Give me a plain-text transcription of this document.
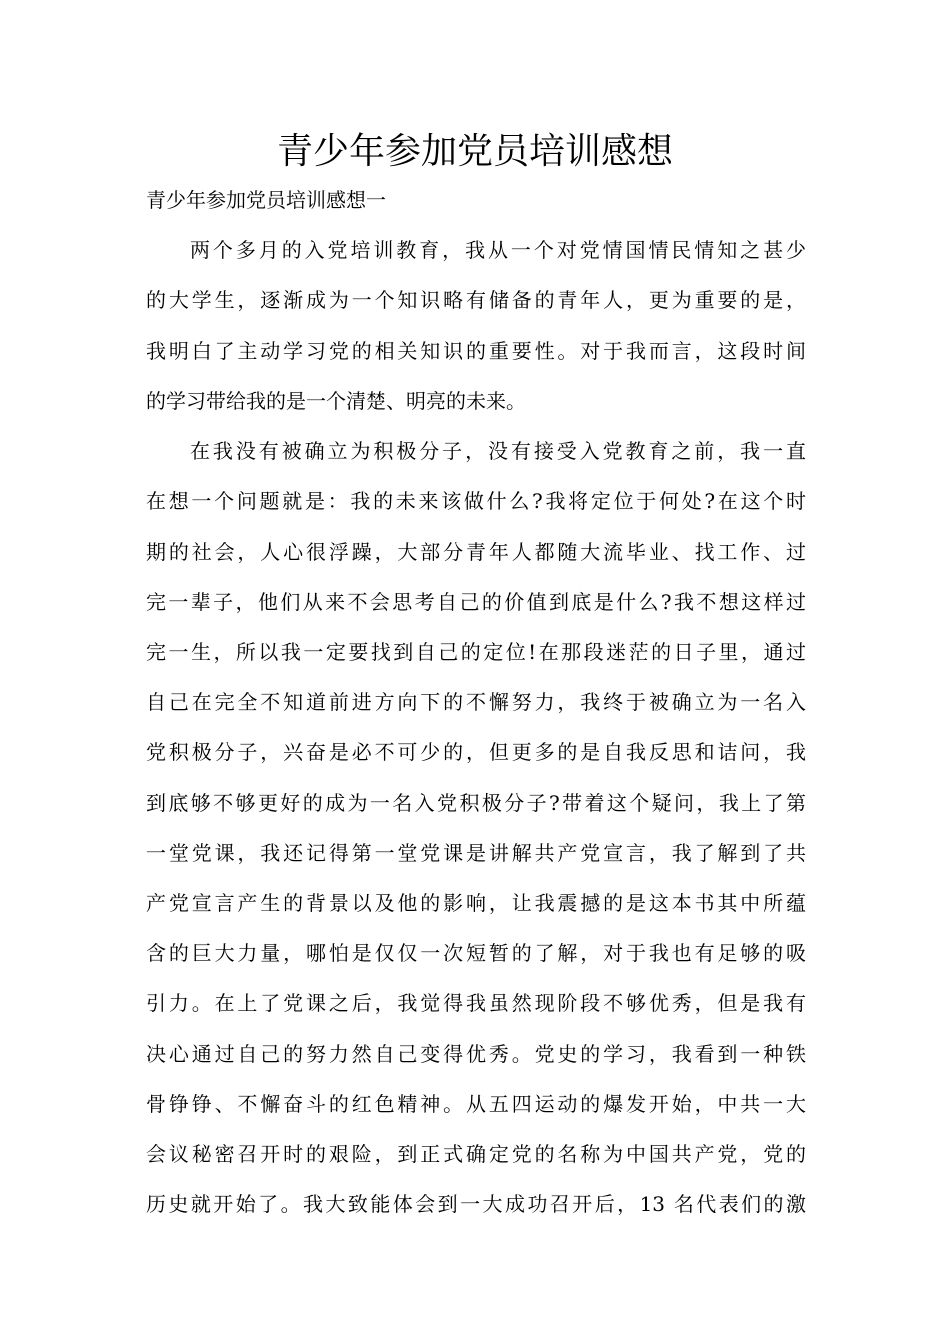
青少年参加党员培训感想

青少年参加党员培训感想一

两个多月的入党培训教育，我从一个对党情国情民情知之甚少

的大学生，逐渐成为一个知识略有储备的青年人，更为重要的是，

我明白了主动学习党的相关知识的重要性。对于我而言，这段时间

的学习带给我的是一个清楚、明亮的未来。

在我没有被确立为积极分子，没有接受入党教育之前，我一直

在想一个问题就是：我的未来该做什么?我将定位于何处?在这个时

期的社会，人心很浮躁，大部分青年人都随大流毕业、找工作、过

完一辈子，他们从来不会思考自己的价值到底是什么?我不想这样过

完一生，所以我一定要找到自己的定位!在那段迷茫的日子里，通过

自己在完全不知道前进方向下的不懈努力，我终于被确立为一名入

党积极分子，兴奋是必不可少的，但更多的是自我反思和诘问，我

到底够不够更好的成为一名入党积极分子?带着这个疑问，我上了第

一堂党课，我还记得第一堂党课是讲解共产党宣言，我了解到了共

产党宣言产生的背景以及他的影响，让我震撼的是这本书其中所蕴

含的巨大力量，哪怕是仅仅一次短暂的了解，对于我也有足够的吸

引力。在上了党课之后，我觉得我虽然现阶段不够优秀，但是我有

决心通过自己的努力然自己变得优秀。党史的学习，我看到一种铁

骨铮铮、不懈奋斗的红色精神。从五四运动的爆发开始，中共一大

会议秘密召开时的艰险，到正式确定党的名称为中国共产党，党的

历史就开始了。我大致能体会到一大成功召开后，13 名代表们的激
